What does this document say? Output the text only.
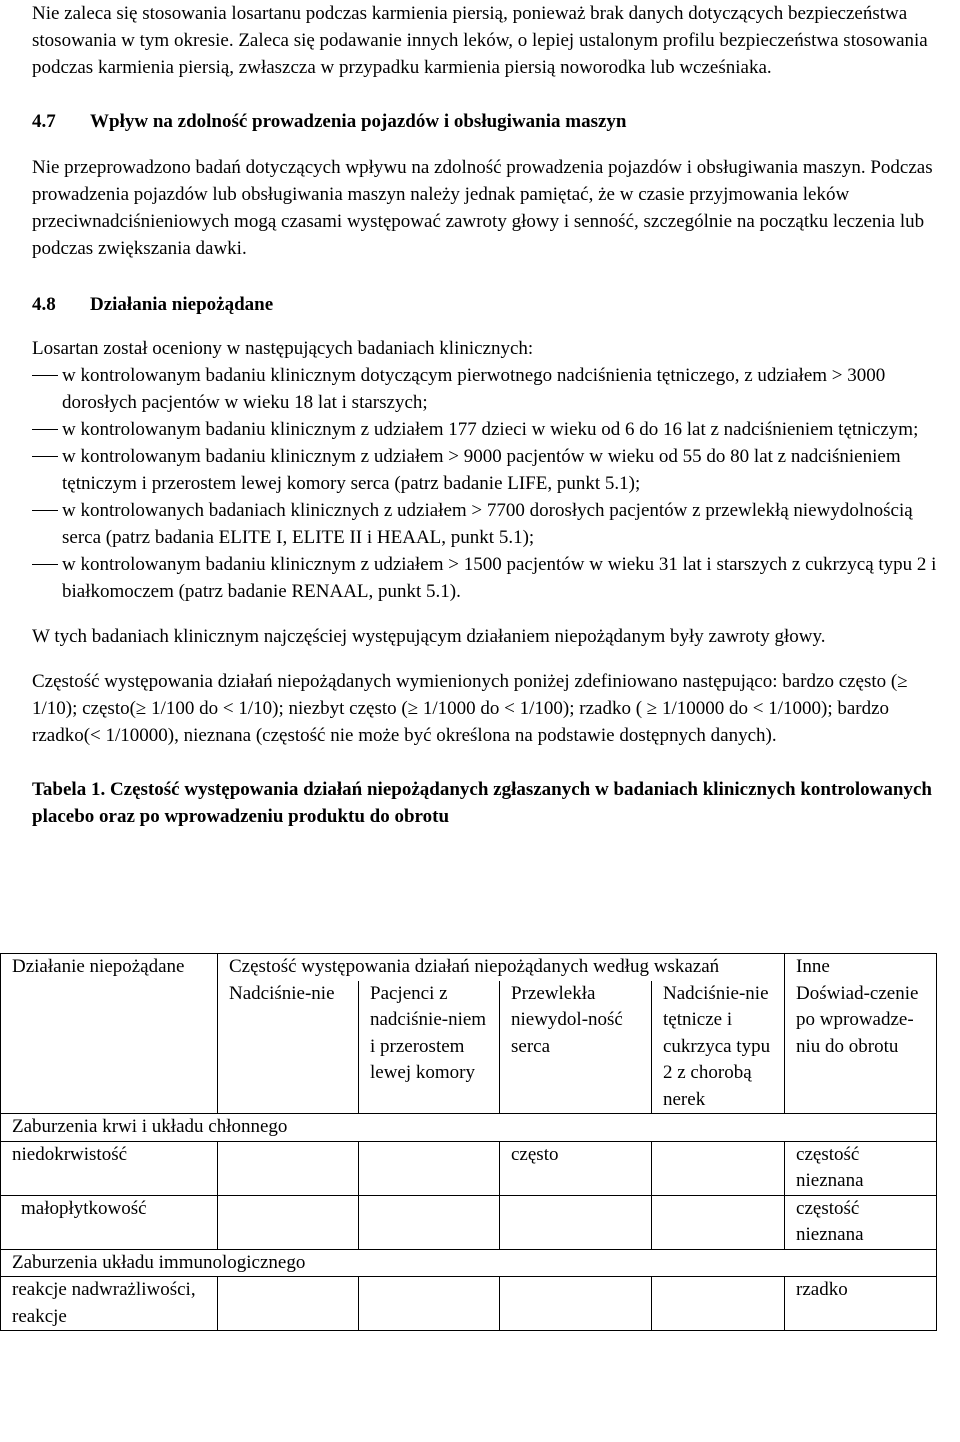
Nie zaleca się stosowania losartanu podczas karmienia piersią, ponieważ brak danych dotyczących bezpieczeństwa stosowania w tym okresie. Zaleca się podawanie innych leków, o lepiej ustalonym profilu bezpieczeństwa stosowania podczas karmienia piersią, zwłaszcza w przypadku karmienia piersią noworodka lub wcześniaka.

4.7 Wpływ na zdolność prowadzenia pojazdów i obsługiwania maszyn

Nie przeprowadzono badań dotyczących wpływu na zdolność prowadzenia pojazdów i obsługiwania maszyn. Podczas prowadzenia pojazdów lub obsługiwania maszyn należy jednak pamiętać, że w czasie przyjmowania leków przeciwnadciśnieniowych mogą czasami występować zawroty głowy i senność, szczególnie na początku leczenia lub podczas zwiększania dawki.

4.8 Działania niepożądane

Losartan został oceniony w następujących badaniach klinicznych:

w kontrolowanym badaniu klinicznym dotyczącym pierwotnego nadciśnienia tętniczego, z udziałem > 3000 dorosłych pacjentów w wieku 18 lat i starszych;
w kontrolowanym badaniu klinicznym z udziałem 177 dzieci w wieku od 6 do 16 lat z nadciśnieniem tętniczym;
w kontrolowanym badaniu klinicznym z udziałem > 9000 pacjentów w wieku od 55 do 80 lat z nadciśnieniem tętniczym i przerostem lewej komory serca (patrz badanie LIFE, punkt 5.1);
w kontrolowanych badaniach klinicznych z udziałem > 7700 dorosłych pacjentów z przewlekłą niewydolnością serca (patrz badania ELITE I, ELITE II i HEAAL, punkt 5.1);
w kontrolowanym badaniu klinicznym z udziałem > 1500 pacjentów w wieku 31 lat i starszych z cukrzycą typu 2 i białkomoczem (patrz badanie RENAAL, punkt 5.1).

W tych badaniach klinicznym najczęściej występującym działaniem niepożądanym były zawroty głowy.

Częstość występowania działań niepożądanych wymienionych poniżej zdefiniowano następująco: bardzo często (≥ 1/10); często(≥ 1/100 do < 1/10); niezbyt często (≥ 1/1000 do < 1/100); rzadko ( ≥ 1/10000 do < 1/1000); bardzo rzadko(< 1/10000), nieznana (częstość nie może być określona na podstawie dostępnych danych).

Tabela 1. Częstość występowania działań niepożądanych zgłaszanych w badaniach klinicznych kontrolowanych placebo oraz po wprowadzeniu produktu do obrotu

Działanie niepożądane	Częstość występowania działań niepożądanych według wskazań				Inne
	Nadciśnie-nie	Pacjenci z nadciśnie-niem i przerostem lewej komory	Przewlekła niewydol-ność serca	Nadciśnie-nie tętnicze i cukrzyca typu 2 z chorobą nerek	Doświad-czenie po wprowadze-niu do obrotu
Zaburzenia krwi i układu chłonnego					
niedokrwistość			często		częstość nieznana
małopłytkowość					częstość nieznana
Zaburzenia układu immunologicznego					
reakcje nadwrażliwości, reakcje					rzadko
